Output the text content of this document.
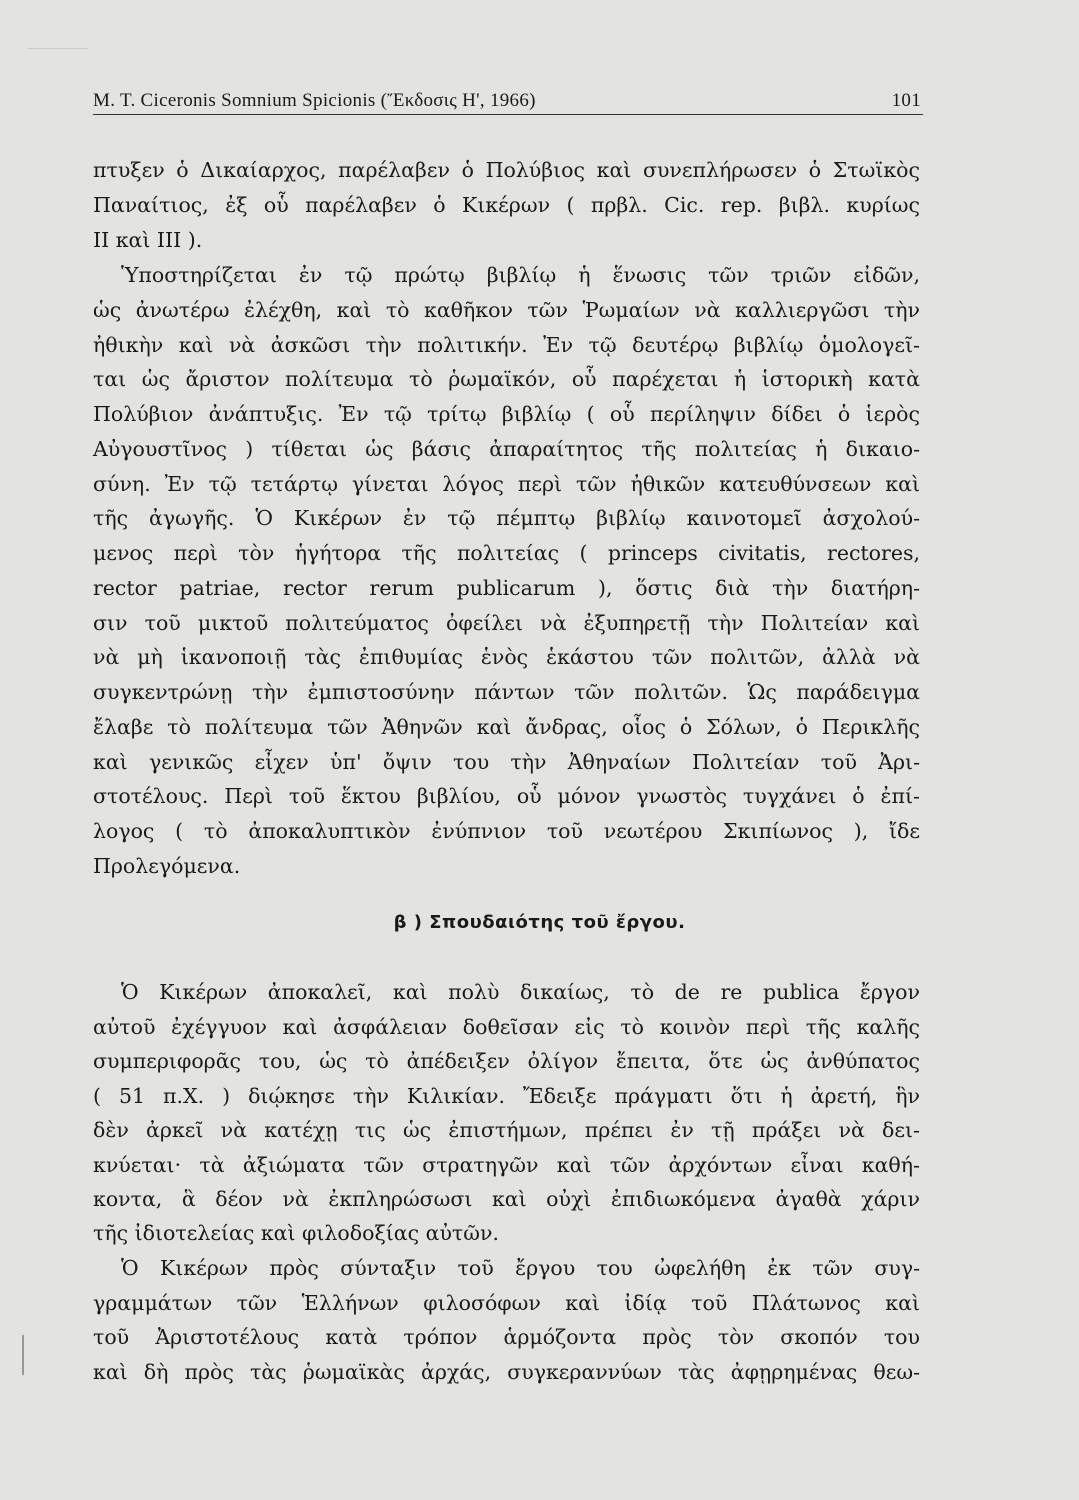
M. T. Ciceronis Somnium Spicionis (Ἔκδοσις Η', 1966)	101
πτυξεν ὁ Δικαίαρχος, παρέλαβεν ὁ Πολύβιος καὶ συνεπλήρωσεν ὁ Στωϊκὸς
Παναίτιος, ἐξ οὗ παρέλαβεν ὁ Κικέρων ( πρβλ. Cic. rep. βιβλ. κυρίως
II καὶ III ).
Ὑποστηρίζεται ἐν τῷ πρώτῳ βιβλίῳ ἡ ἕνωσις τῶν τριῶν εἰδῶν,
ὡς ἀνωτέρω ἐλέχθη, καὶ τὸ καθῆκον τῶν Ῥωμαίων νὰ καλλιεργῶσι τὴν
ἠθικὴν καὶ νὰ ἀσκῶσι τὴν πολιτικήν. Ἐν τῷ δευτέρῳ βιβλίῳ ὁμολογεῖ-
ται ὡς ἄριστον πολίτευμα τὸ ῥωμαϊκόν, οὗ παρέχεται ἡ ἱστορικὴ κατὰ
Πολύβιον ἀνάπτυξις. Ἐν τῷ τρίτῳ βιβλίῳ ( οὗ περίληψιν δίδει ὁ ἱερὸς
Αὐγουστῖνος ) τίθεται ὡς βάσις ἀπαραίτητος τῆς πολιτείας ἡ δικαιο-
σύνη. Ἐν τῷ τετάρτῳ γίνεται λόγος περὶ τῶν ἠθικῶν κατευθύνσεων καὶ
τῆς ἀγωγῆς. Ὁ Κικέρων ἐν τῷ πέμπτῳ βιβλίῳ καινοτομεῖ ἀσχολού-
μενος περὶ τὸν ἡγήτορα τῆς πολιτείας ( princeps civitatis, rectores,
rector patriae, rector rerum publicarum ), ὅστις διὰ τὴν διατήρη-
σιν τοῦ μικτοῦ πολιτεύματος ὀφείλει νὰ ἐξυπηρετῇ τὴν Πολιτείαν καὶ
νὰ μὴ ἱκανοποιῇ τὰς ἐπιθυμίας ἑνὸς ἑκάστου τῶν πολιτῶν, ἀλλὰ νὰ
συγκεντρώνῃ τὴν ἐμπιστοσύνην πάντων τῶν πολιτῶν. Ὡς παράδειγμα
ἔλαβε τὸ πολίτευμα τῶν Ἀθηνῶν καὶ ἄνδρας, οἷος ὁ Σόλων, ὁ Περικλῆς
καὶ γενικῶς εἶχεν ὑπ' ὄψιν του τὴν Ἀθηναίων Πολιτείαν τοῦ Ἀρι-
στοτέλους. Περὶ τοῦ ἕκτου βιβλίου, οὗ μόνον γνωστὸς τυγχάνει ὁ ἐπί-
λογος ( τὸ ἀποκαλυπτικὸν ἐνύπνιον τοῦ νεωτέρου Σκιπίωνος ), ἴδε
Προλεγόμενα.
β ) Σπουδαιότης τοῦ ἔργου.
Ὁ Κικέρων ἀποκαλεῖ, καὶ πολὺ δικαίως, τὸ de re publica ἔργον
αὐτοῦ ἐχέγγυον καὶ ἀσφάλειαν δοθεῖσαν εἰς τὸ κοινὸν περὶ τῆς καλῆς
συμπεριφορᾶς του, ὡς τὸ ἀπέδειξεν ὀλίγον ἔπειτα, ὅτε ὡς ἀνθύπατος
( 51 π.Χ. ) διῴκησε τὴν Κιλικίαν. Ἔδειξε πράγματι ὅτι ἡ ἀρετή, ἣν
δὲν ἀρκεῖ νὰ κατέχῃ τις ὡς ἐπιστήμων, πρέπει ἐν τῇ πράξει νὰ δει-
κνύεται· τὰ ἀξιώματα τῶν στρατηγῶν καὶ τῶν ἀρχόντων εἶναι καθή-
κοντα, ἃ δέον νὰ ἐκπληρώσωσι καὶ οὐχὶ ἐπιδιωκόμενα ἀγαθὰ χάριν
τῆς ἰδιοτελείας καὶ φιλοδοξίας αὐτῶν.
Ὁ Κικέρων πρὸς σύνταξιν τοῦ ἔργου του ὠφελήθη ἐκ τῶν συγ-
γραμμάτων τῶν Ἑλλήνων φιλοσόφων καὶ ἰδίᾳ τοῦ Πλάτωνος καὶ
τοῦ Ἀριστοτέλους κατὰ τρόπον ἁρμόζοντα πρὸς τὸν σκοπόν του
καὶ δὴ πρὸς τὰς ῥωμαϊκὰς ἀρχάς, συγκεραννύων τὰς ἀφῃρημένας θεω-
